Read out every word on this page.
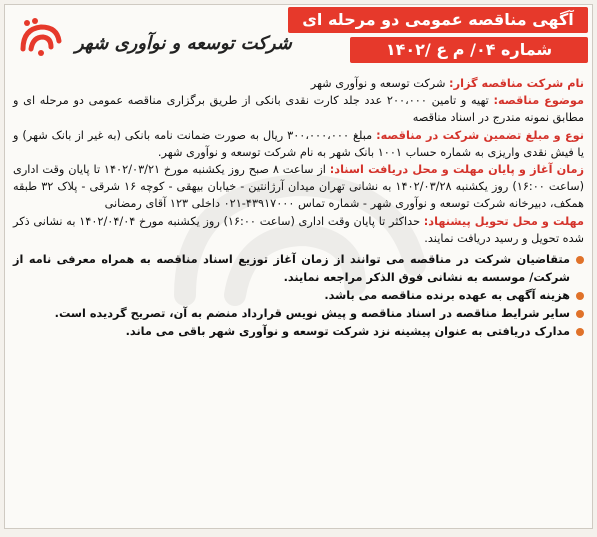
آگهی مناقصه عمومی دو مرحله ای
شماره ۰۴/ م ع /۱۴۰۲
شرکت توسعه و نوآوری شهر

نام شرکت مناقصه گزار: شرکت توسعه و نوآوری شهر

موضوع مناقصه: تهیه و تامین ۲۰۰،۰۰۰ عدد جلد کارت نقدی بانکی از طریق برگزاری مناقصه عمومی دو مرحله ای و مطابق نمونه مندرج در اسناد مناقصه

نوع و مبلغ تضمین شرکت در مناقصه: مبلغ ۳۰۰،۰۰۰،۰۰۰ ریال به صورت ضمانت نامه بانکی (به غیر از بانک شهر) و یا فیش نقدی واریزی به شماره حساب ۱۰۰۱ بانک شهر به نام شرکت توسعه و نوآوری شهر.

زمان آغاز و پایان مهلت و محل دریافت اسناد: از ساعت ۸ صبح روز یکشنبه مورخ ۱۴۰۲/۰۳/۲۱ تا پایان وقت اداری (ساعت ۱۶:۰۰) روز یکشنبه ۱۴۰۲/۰۳/۲۸ به نشانی تهران میدان آرژانتین - خیابان بیهقی - کوچه ۱۶ شرقی - پلاک ۳۲ طبقه همکف، دبیرخانه شرکت توسعه و نوآوری شهر - شماره تماس ۴۳۹۱۷۰۰۰-۰۲۱ داخلی ۱۲۳ آقای رمضانی

مهلت و محل تحویل پیشنهاد: حداکثر تا پایان وقت اداری (ساعت ۱۶:۰۰) روز یکشنبه مورخ ۱۴۰۲/۰۴/۰۴ به نشانی ذکر شده تحویل و رسید دریافت نمایند.

متقاضیان شرکت در مناقصه می توانند از زمان آغاز توزیع اسناد مناقصه به همراه معرفی نامه از شرکت/ موسسه به نشانی فوق الذکر مراجعه نمایند.
هزینه آگهی به عهده برنده مناقصه می باشد.
سایر شرایط مناقصه در اسناد مناقصه و پیش نویس قرارداد منضم به آن، تصریح گردیده است.
مدارک دریافتی به عنوان پیشینه نزد شرکت توسعه و نوآوری شهر باقی می ماند.
